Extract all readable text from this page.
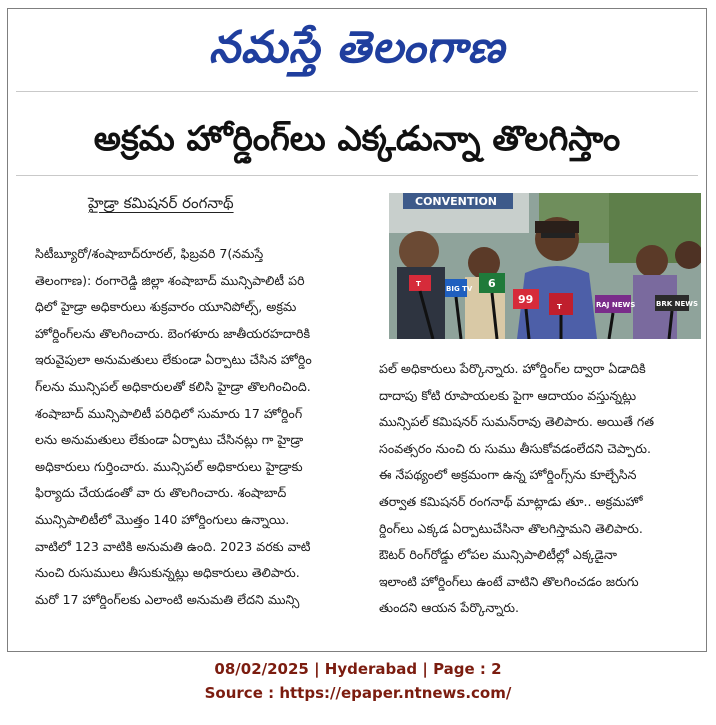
నమస్తే తెలంగాణ
అక్రమ హోర్డింగ్‌లు ఎక్కడున్నా తొలగిస్తాం
హైడ్రా కమిషనర్ రంగనాథ్
సిటీబ్యూరో/శంషాబాద్‌రూరల్, ఫిబ్రవరి 7(నమస్తే
తెలంగాణ): రంగారెడ్డి జిల్లా శంషాబాద్ మున్సిపాలిటీ పరి
ధిలో హైడ్రా అధికారులు శుక్రవారం యూనిపోల్స్, అక్రమ
హోర్డింగ్‌లను తొలగించారు. బెంగళూరు జాతీయరహదారికి
ఇరువైపులా అనుమతులు లేకుండా ఏర్పాటు చేసిన హోర్డిం
గ్‌లను మున్సిపల్ అధికారులతో కలిసి హైడ్రా తొలగించింది.
శంషాబాద్ మున్సిపాలిటీ పరిధిలో సుమారు 17 హోర్డింగ్
లను అనుమతులు లేకుండా ఏర్పాటు చేసినట్లు గా హైడ్రా
అధికారులు గుర్తించారు. మున్సిపల్ అధికారులు హైడ్రాకు
ఫిర్యాదు చేయడంతో వా రు తొలగించారు. శంషాబాద్
మున్సిపాలిటీలో మొత్తం 140 హోర్డింగులు ఉన్నాయి.
వాటిలో 123 వాటికి అనుమతి ఉంది. 2023 వరకు వాటి
నుంచి రుసుములు తీసుకున్నట్లు అధికారులు తెలిపారు.
మరో 17 హోర్డింగ్‌లకు ఎలాంటి అనుమతి లేదని మున్సి
CONVENTION
T
BIG TV 6
99	RAJ NEWS	BRK NEWS
T
పల్ అధికారులు పేర్కొన్నారు. హోర్డింగ్‌ల ద్వారా ఏడాదికి
దాదాపు కోటి రూపాయలకు పైగా ఆదాయం వస్తున్నట్లు
మున్సిపల్ కమిషనర్ సుమన్‌రావు తెలిపారు. అయితే గత
సంవత్సరం నుంచి రు సుము తీసుకోవడంలేదని చెప్పారు.
ఈ నేపథ్యంలో అక్రమంగా ఉన్న హోర్డింగ్స్‌ను కూల్చేసిన
తర్వాత కమిషనర్ రంగనాథ్ మాట్లాడు తూ.. అక్రమహో
ర్డింగ్‌లు ఎక్కడ ఏర్పాటుచేసినా తొలగిస్తామని తెలిపారు.
ఔటర్ రింగ్‌రోడ్డు లోపల మున్సిపాలిటీల్లో ఎక్కడైనా
ఇలాంటి హోర్డింగ్‌లు ఉంటే వాటిని తొలగించడం జరుగు
తుందని ఆయన పేర్కొన్నారు.
08/02/2025 | Hyderabad | Page : 2
Source : https://epaper.ntnews.com/
